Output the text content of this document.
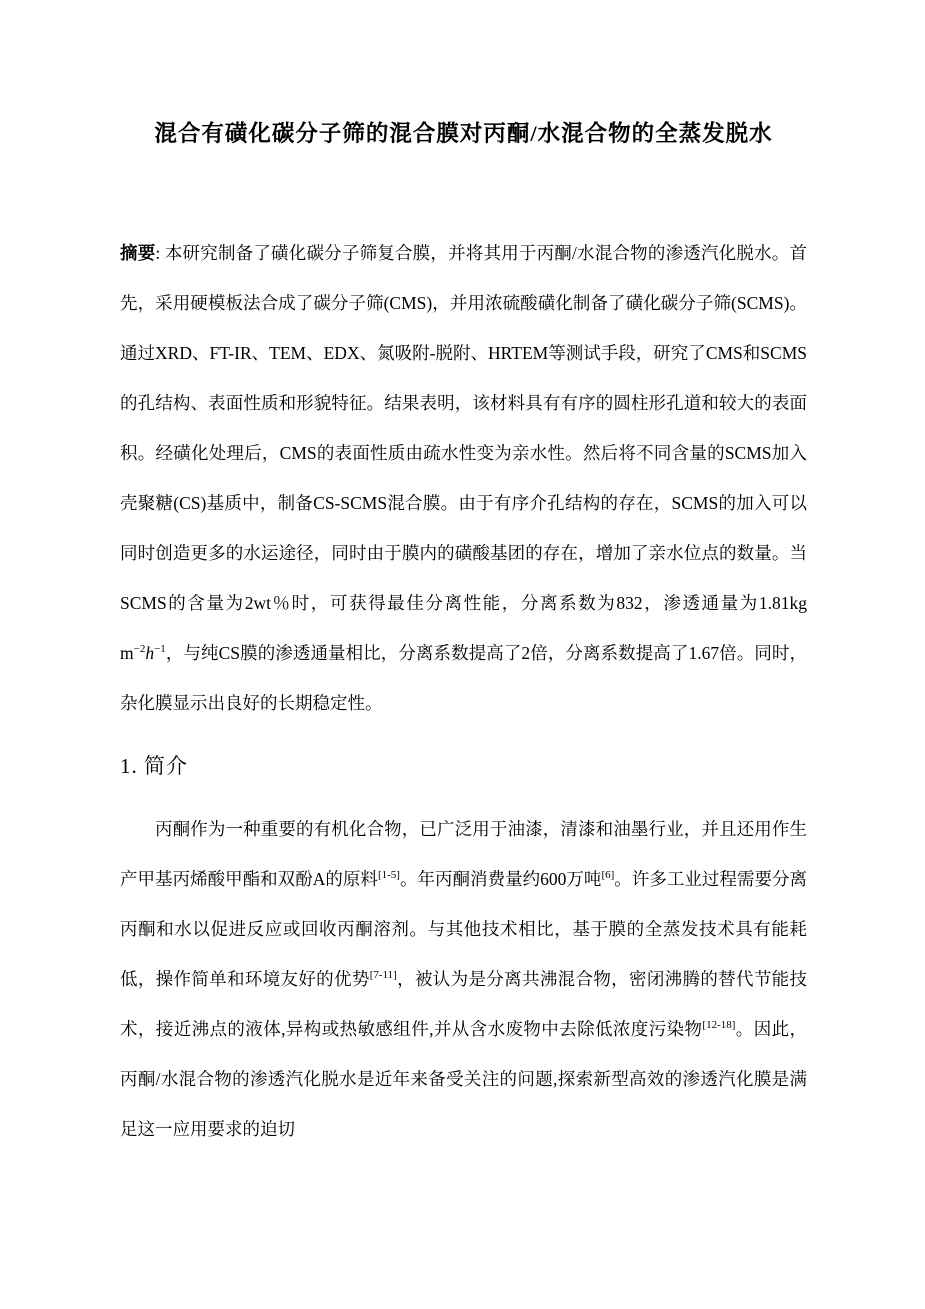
混合有磺化碳分子筛的混合膜对丙酮/水混合物的全蒸发脱水

摘要: 本研究制备了磺化碳分子筛复合膜，并将其用于丙酮/水混合物的渗透汽化脱水。首先，采用硬模板法合成了碳分子筛(CMS)，并用浓硫酸磺化制备了磺化碳分子筛(SCMS)。通过XRD、FT-IR、TEM、EDX、氮吸附-脱附、HRTEM等测试手段，研究了CMS和SCMS的孔结构、表面性质和形貌特征。结果表明，该材料具有有序的圆柱形孔道和较大的表面积。经磺化处理后，CMS的表面性质由疏水性变为亲水性。然后将不同含量的SCMS加入壳聚糖(CS)基质中，制备CS-SCMS混合膜。由于有序介孔结构的存在，SCMS的加入可以同时创造更多的水运途径，同时由于膜内的磺酸基团的存在，增加了亲水位点的数量。当SCMS的含量为2wt％时，可获得最佳分离性能，分离系数为832，渗透通量为1.81kg $m^{-2}h^{-1}$，与纯CS膜的渗透通量相比，分离系数提高了2倍，分离系数提高了1.67倍。同时，杂化膜显示出良好的长期稳定性。

1. 简介

丙酮作为一种重要的有机化合物，已广泛用于油漆，清漆和油墨行业，并且还用作生产甲基丙烯酸甲酯和双酚A的原料[1-5]。年丙酮消费量约600万吨[6]。许多工业过程需要分离丙酮和水以促进反应或回收丙酮溶剂。与其他技术相比，基于膜的全蒸发技术具有能耗低，操作简单和环境友好的优势[7-11]，被认为是分离共沸混合物，密闭沸腾的替代节能技术，接近沸点的液体,异构或热敏感组件,并从含水废物中去除低浓度污染物[12-18]。因此，丙酮/水混合物的渗透汽化脱水是近年来备受关注的问题,探索新型高效的渗透汽化膜是满足这一应用要求的迫切
